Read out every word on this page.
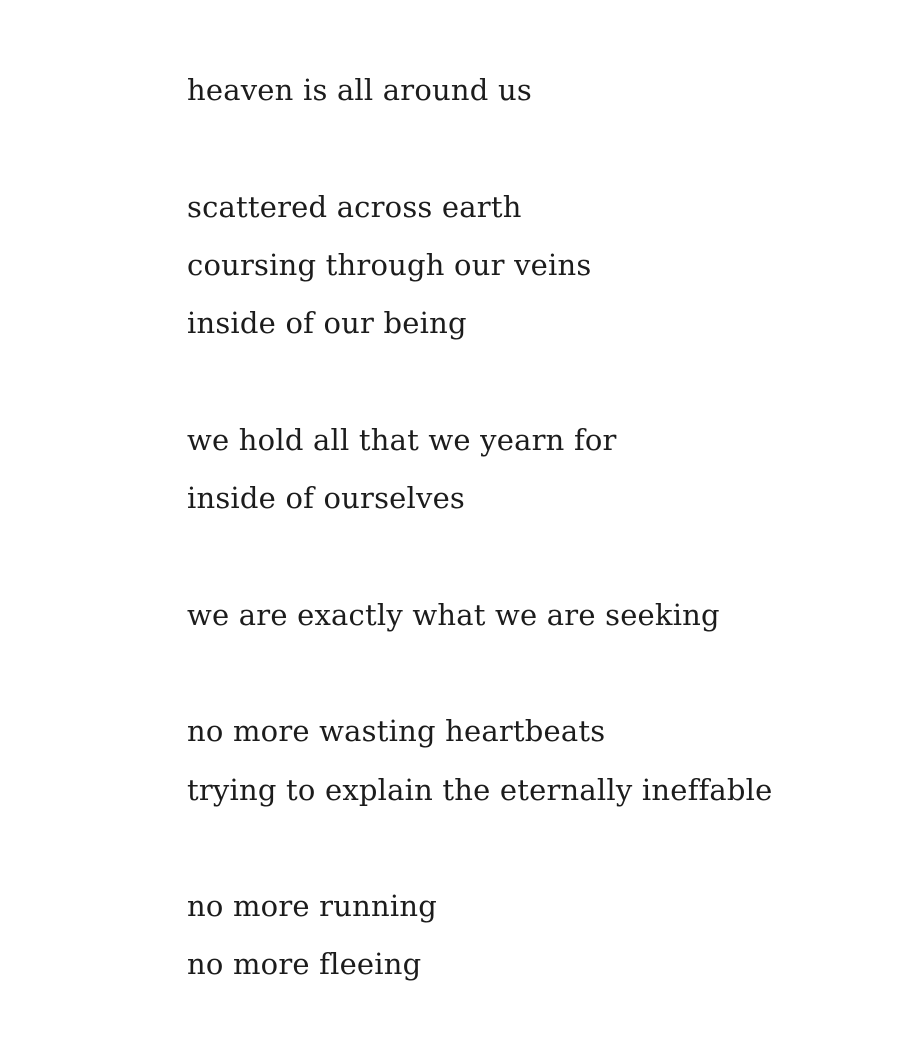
heaven is all around us
scattered across earth
coursing through our veins
inside of our being
we hold all that we yearn for
inside of ourselves
we are exactly what we are seeking
no more wasting heartbeats
trying to explain the eternally ineffable
no more running
no more fleeing
